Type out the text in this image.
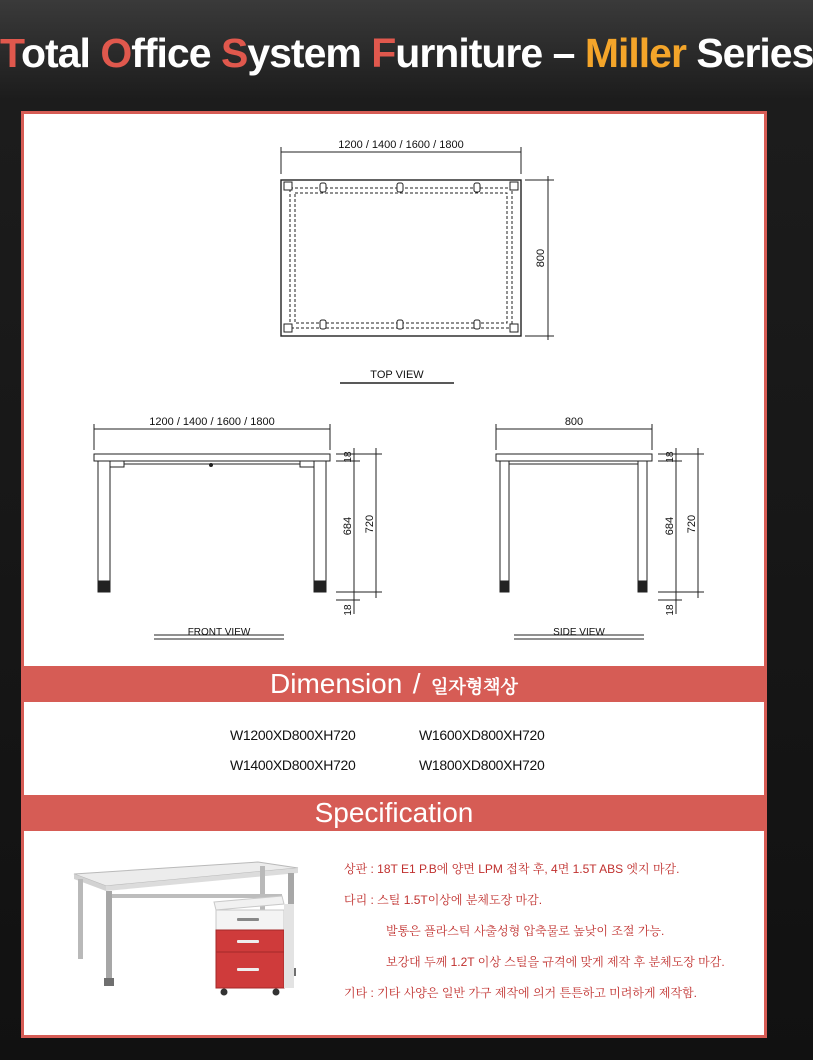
Total Office System Furniture – Miller Series
1200 / 1400 / 1600 / 1800
800
TOP VIEW
1200 / 1400 / 1600 / 1800
18
684 720
18
FRONT VIEW
800
18
684 720
18
SIDE VIEW
Dimension / 일자형책상
W1200XD800XH720
W1400XD800XH720
W1600XD800XH720
W1800XD800XH720
Specification
상판 : 18T E1 P.B에 양면 LPM 접착 후, 4면 1.5T ABS 엣지 마감.
다리 : 스틸 1.5T이상에 분체도장 마감.
발통은 플라스틱 사출성형 압축물로 높낮이 조절 가능.
보강대 두께 1.2T 이상 스틸을 규격에 맞게 제작 후 분체도장 마감.
기타 : 기타 사양은 일반 가구 제작에 의거 튼튼하고 미려하게 제작함.
